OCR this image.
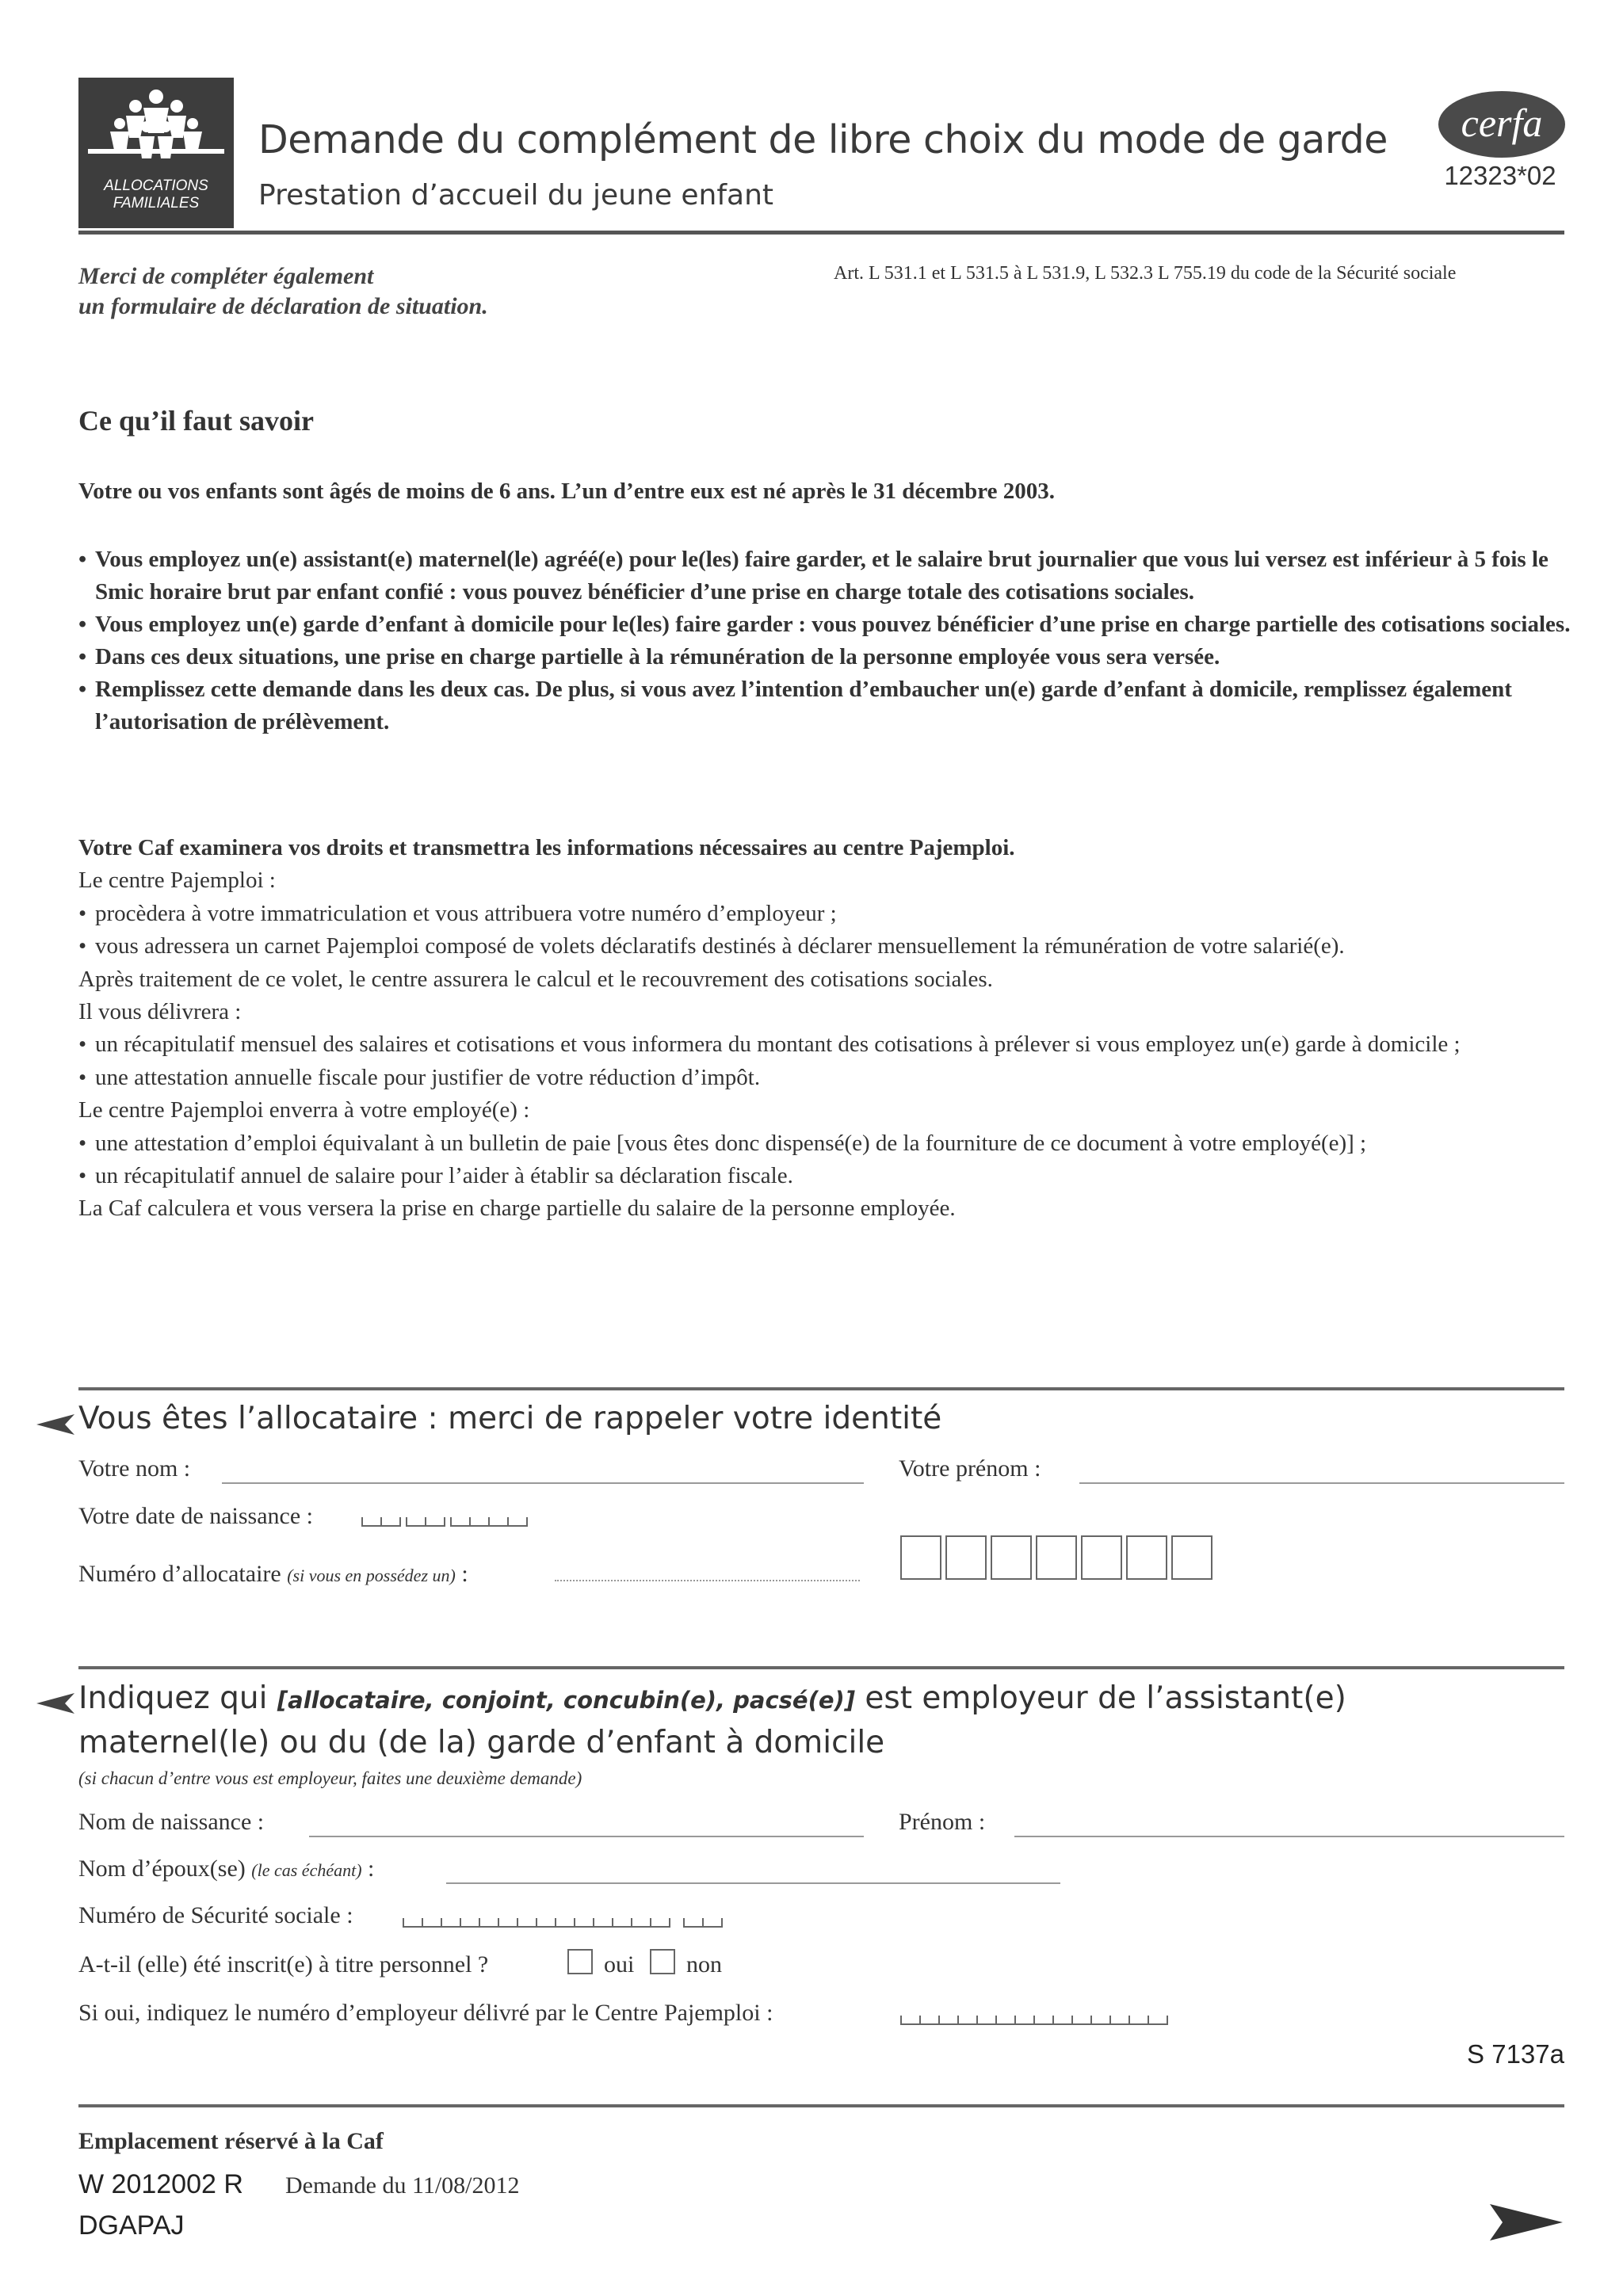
ALLOCATIONS
FAMILIALES
Demande du complément de libre choix du mode de garde
Prestation d’accueil du jeune enfant
cerfa
12323*02
Merci de compléter également
un formulaire de déclaration de situation.
Art. L 531.1 et L 531.5 à L 531.9, L 532.3 L 755.19 du code de la Sécurité sociale
Ce qu’il faut savoir
Votre ou vos enfants sont âgés de moins de 6 ans. L’un d’entre eux est né après le 31 décembre 2003.
• Vous employez un(e) assistant(e) maternel(le) agréé(e) pour le(les) faire garder, et le salaire brut journalier que vous lui versez est inférieur à 5 fois le Smic horaire brut par enfant confié : vous pouvez bénéficier d’une prise en charge totale des cotisations sociales.
• Vous employez un(e) garde d’enfant à domicile pour le(les) faire garder : vous pouvez bénéficier d’une prise en charge partielle des cotisations sociales.
• Dans ces deux situations, une prise en charge partielle à la rémunération de la personne employée vous sera versée.
• Remplissez cette demande dans les deux cas. De plus, si vous avez l’intention d’embaucher un(e) garde d’enfant à domicile, remplissez également l’autorisation de prélèvement.
Votre Caf examinera vos droits et transmettra les informations nécessaires au centre Pajemploi.
Le centre Pajemploi :
• procèdera à votre immatriculation et vous attribuera votre numéro d’employeur ;
• vous adressera un carnet Pajemploi composé de volets déclaratifs destinés à déclarer mensuellement la rémunération de votre salarié(e).
Après traitement de ce volet, le centre assurera le calcul et le recouvrement des cotisations sociales.
Il vous délivrera :
• un récapitulatif mensuel des salaires et cotisations et vous informera du montant des cotisations à prélever si vous employez un(e) garde à domicile ;
• une attestation annuelle fiscale pour justifier de votre réduction d’impôt.
Le centre Pajemploi enverra à votre employé(e) :
• une attestation d’emploi équivalant à un bulletin de paie [vous êtes donc dispensé(e) de la fourniture de ce document à votre employé(e)] ;
• un récapitulatif annuel de salaire pour l’aider à établir sa déclaration fiscale.
La Caf calculera et vous versera la prise en charge partielle du salaire de la personne employée.
Vous êtes l’allocataire : merci de rappeler votre identité
Votre nom :	Votre prénom :
Votre date de naissance :
Numéro d’allocataire (si vous en possédez un) :
Indiquez qui [allocataire, conjoint, concubin(e), pacsé(e)] est employeur de l’assistant(e)
maternel(le) ou du (de la) garde d’enfant à domicile
(si chacun d’entre vous est employeur, faites une deuxième demande)
Nom de naissance :	Prénom :
Nom d’époux(se) (le cas échéant) :
Numéro de Sécurité sociale :
A-t-il (elle) été inscrit(e) à titre personnel ?	oui non
Si oui, indiquez le numéro d’employeur délivré par le Centre Pajemploi :
S 7137a
Emplacement réservé à la Caf
W 2012002 R Demande du 11/08/2012
DGAPAJ
